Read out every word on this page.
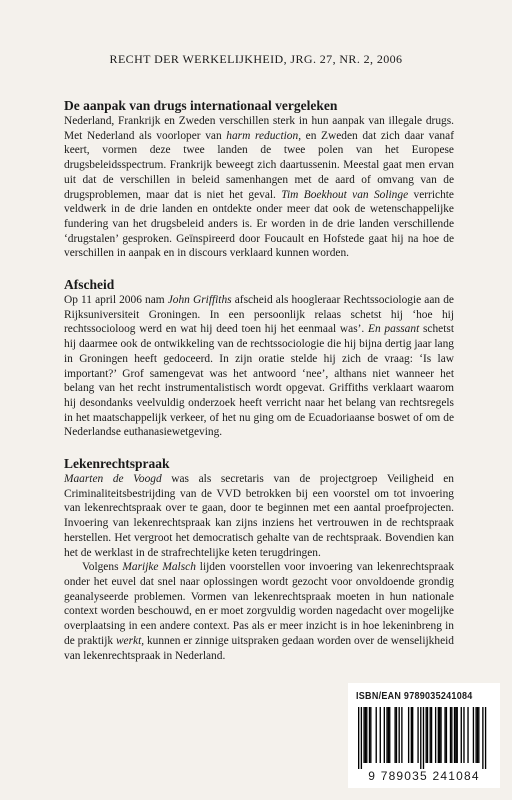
RECHT DER WERKELIJKHEID, JRG. 27, NR. 2, 2006
De aanpak van drugs internationaal vergeleken

Nederland, Frankrijk en Zweden verschillen sterk in hun aanpak van illegale drugs. Met Nederland als voorloper van harm reduction, en Zweden dat zich daar vanaf keert, vormen deze twee landen de twee polen van het Europese drugsbeleidsspectrum. Frankrijk beweegt zich daartussenin. Meestal gaat men ervan uit dat de verschillen in beleid samenhangen met de aard of omvang van de drugsproblemen, maar dat is niet het geval. Tim Boekhout van Solinge verrichte veldwerk in de drie landen en ontdekte onder meer dat ook de wetenschappelijke fundering van het drugsbeleid anders is. Er worden in de drie landen verschillende ‘drugstalen’ gesproken. Geïnspireerd door Foucault en Hofstede gaat hij na hoe de verschillen in aanpak en in discours verklaard kunnen worden.

Afscheid

Op 11 april 2006 nam John Griffiths afscheid als hoogleraar Rechtssociologie aan de Rijksuniversiteit Groningen. In een persoonlijk relaas schetst hij ‘hoe hij rechtssocioloog werd en wat hij deed toen hij het eenmaal was’. En passant schetst hij daarmee ook de ontwikkeling van de rechtssociologie die hij bijna dertig jaar lang in Groningen heeft gedoceerd. In zijn oratie stelde hij zich de vraag: ‘Is law important?’ Grof samengevat was het antwoord ‘nee’, althans niet wanneer het belang van het recht instrumentalistisch wordt opgevat. Griffiths verklaart waarom hij desondanks veelvuldig onderzoek heeft verricht naar het belang van rechtsregels in het maatschappelijk verkeer, of het nu ging om de Ecuadoriaanse boswet of om de Nederlandse euthanasiewetgeving.

Lekenrechtspraak

Maarten de Voogd was als secretaris van de projectgroep Veiligheid en Criminaliteitsbestrijding van de VVD betrokken bij een voorstel om tot invoering van lekenrechtspraak over te gaan, door te beginnen met een aantal proefprojecten. Invoering van lekenrechtspraak kan zijns inziens het vertrouwen in de rechtspraak herstellen. Het vergroot het democratisch gehalte van de rechtspraak. Bovendien kan het de werklast in de strafrechtelijke keten terugdringen.

Volgens Marijke Malsch lijden voorstellen voor invoering van lekenrechtspraak onder het euvel dat snel naar oplossingen wordt gezocht voor onvoldoende grondig geanalyseerde problemen. Vormen van lekenrechtspraak moeten in hun nationale context worden beschouwd, en er moet zorgvuldig worden nagedacht over mogelijke overplaatsing in een andere context. Pas als er meer inzicht is in hoe lekeninbreng in de praktijk werkt, kunnen er zinnige uitspraken gedaan worden over de wenselijkheid van lekenrechtspraak in Nederland.

ISBN/EAN 9789035241084
9 789035 241084
